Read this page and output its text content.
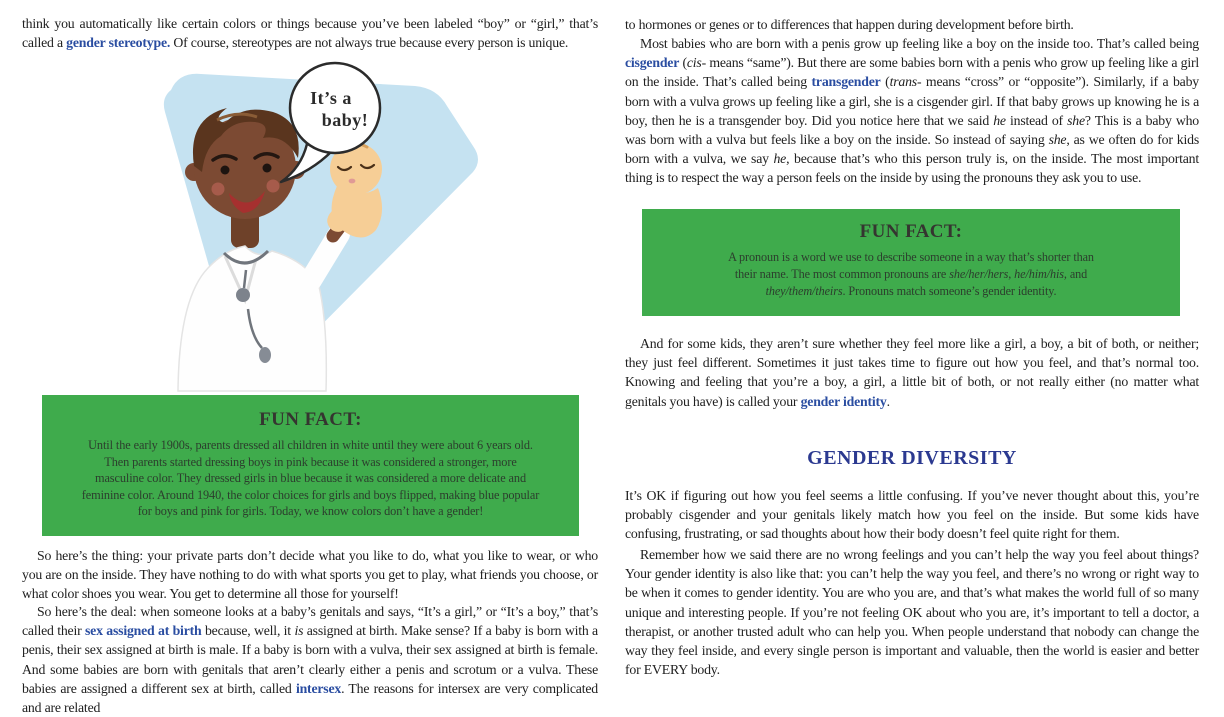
think you automatically like certain colors or things because you’ve been labeled “boy” or “girl,” that’s called a gender stereotype. Of course, stereotypes are not always true because every person is unique.

It’s a
baby!
FUN FACT:

Until the early 1900s, parents dressed all children in white until they were about 6 years old. Then parents started dressing boys in pink because it was considered a stronger, more masculine color. They dressed girls in blue because it was considered a more delicate and feminine color. Around 1940, the color choices for girls and boys flipped, making blue popular for boys and pink for girls. Today, we know colors don’t have a gender!

So here’s the thing: your private parts don’t decide what you like to do, what you like to wear, or who you are on the inside. They have nothing to do with what sports you get to play, what friends you choose, or what color shoes you wear. You get to determine all those for yourself!

So here’s the deal: when someone looks at a baby’s genitals and says, “It’s a girl,” or “It’s a boy,” that’s called their sex assigned at birth because, well, it is assigned at birth. Make sense? If a baby is born with a penis, their sex assigned at birth is male. If a baby is born with a vulva, their sex assigned at birth is female. And some babies are born with genitals that aren’t clearly either a penis and scrotum or a vulva. These babies are assigned a different sex at birth, called intersex. The reasons for intersex are very complicated and are related

to hormones or genes or to differences that happen during development before birth.

Most babies who are born with a penis grow up feeling like a boy on the inside too. That’s called being cisgender (cis- means “same”). But there are some babies born with a penis who grow up feeling like a girl on the inside. That’s called being transgender (trans- means “cross” or “opposite”). Similarly, if a baby born with a vulva grows up feeling like a girl, she is a cisgender girl. If that baby grows up knowing he is a boy, then he is a transgender boy. Did you notice here that we said he instead of she? This is a baby who was born with a vulva but feels like a boy on the inside. So instead of saying she, as we often do for kids born with a vulva, we say he, because that’s who this person truly is, on the inside. The most important thing is to respect the way a person feels on the inside by using the pronouns they ask you to use.

FUN FACT:

A pronoun is a word we use to describe someone in a way that’s shorter than their name. The most common pronouns are she/her/hers, he/him/his, and they/them/theirs. Pronouns match someone’s gender identity.

And for some kids, they aren’t sure whether they feel more like a girl, a boy, a bit of both, or neither; they just feel different. Sometimes it just takes time to figure out how you feel, and that’s normal too. Knowing and feeling that you’re a boy, a girl, a little bit of both, or not really either (no matter what genitals you have) is called your gender identity.

GENDER DIVERSITY

It’s OK if figuring out how you feel seems a little confusing. If you’ve never thought about this, you’re probably cisgender and your genitals likely match how you feel on the inside. But some kids have confusing, frustrating, or sad thoughts about how their body doesn’t feel quite right for them.

Remember how we said there are no wrong feelings and you can’t help the way you feel about things? Your gender identity is also like that: you can’t help the way you feel, and there’s no wrong or right way to be when it comes to gender identity. You are who you are, and that’s what makes the world full of so many unique and interesting people. If you’re not feeling OK about who you are, it’s important to tell a doctor, a therapist, or another trusted adult who can help you. When people understand that nobody can change the way they feel inside, and every single person is important and valuable, then the world is easier and better for EVERY body.
